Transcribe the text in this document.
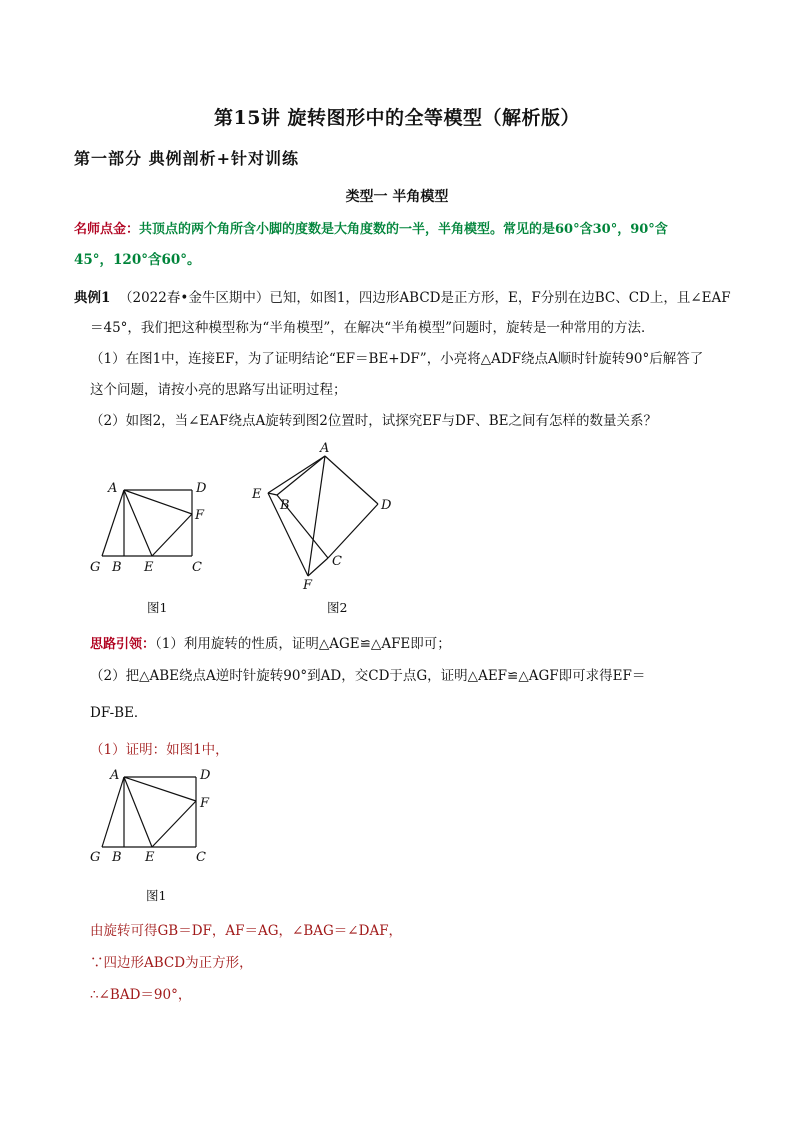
第15讲 旋转图形中的全等模型（解析版）
第一部分 典例剖析+针对训练
类型一 半角模型
名师点金：共顶点的两个角所含小脚的度数是大角度数的一半，半角模型。常见的是60°含30°，90°含
45°，120°含60°。
典例1 （2022春•金牛区期中）已知，如图1，四边形ABCD是正方形，E，F分别在边BC、CD上，且∠EAF
＝45°，我们把这种模型称为“半角模型”，在解决“半角模型”问题时，旋转是一种常用的方法．
（1）在图1中，连接EF，为了证明结论“EF＝BE+DF”，小亮将△ADF绕点A顺时针旋转90°后解答了
这个问题，请按小亮的思路写出证明过程；
（2）如图2，当∠EAF绕点A旋转到图2位置时，试探究EF与DF、BE之间有怎样的数量关系？
A	D
F
G B E	C
图1
A
E
B	D
C
F
图2
思路引领：（1）利用旋转的性质，证明△AGE≌△AFE即可；
（2）把△ABE绕点A逆时针旋转90°到AD，交CD于点G，证明△AEF≌△AGF即可求得EF＝
DF-BE．
（1）证明：如图1中，
A	D
F
G B E	C
图1
由旋转可得GB＝DF，AF＝AG，∠BAG＝∠DAF，
∵四边形ABCD为正方形，
∴∠BAD＝90°，
